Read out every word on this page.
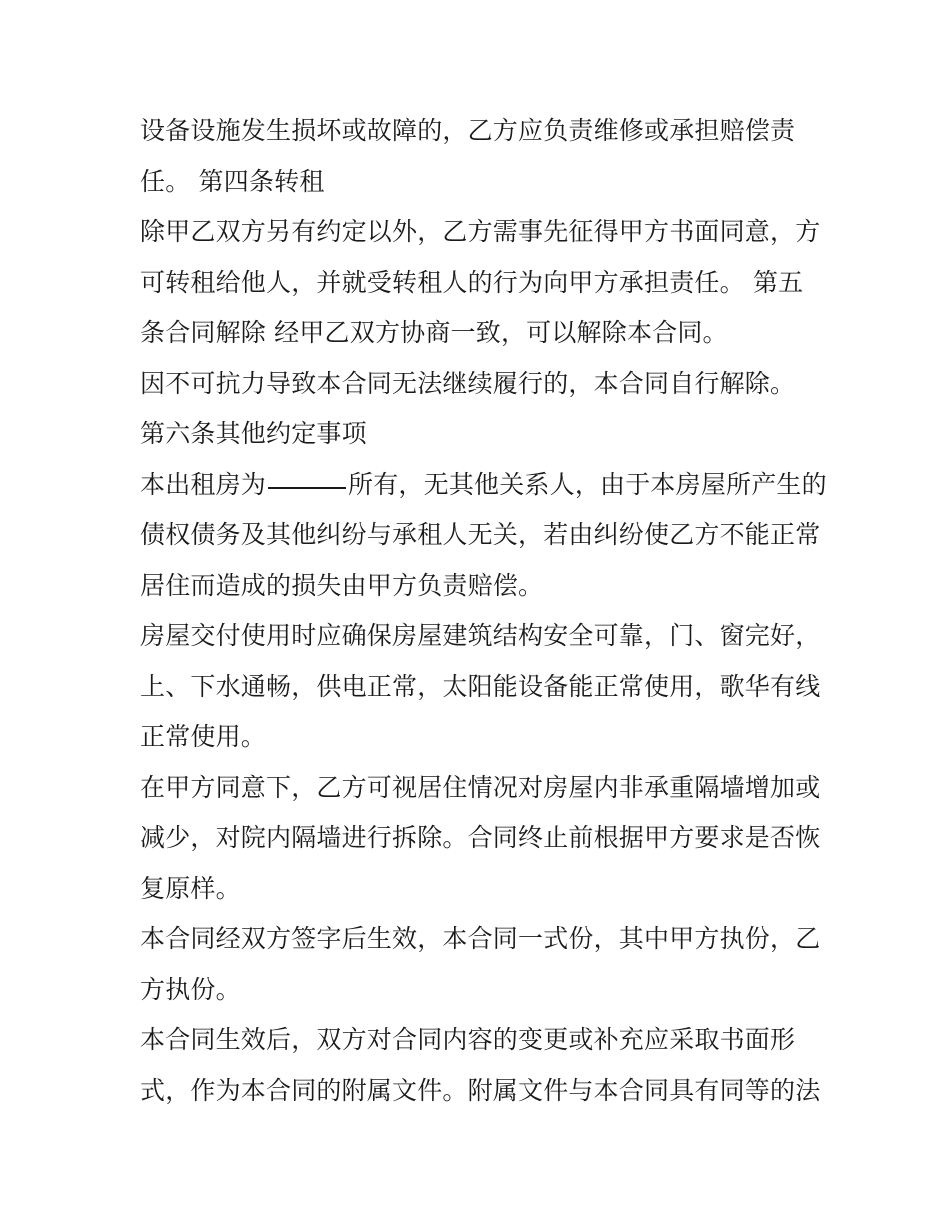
设备设施发生损坏或故障的，乙方应负责维修或承担赔偿责
任。 第四条转租
除甲乙双方另有约定以外，乙方需事先征得甲方书面同意，方
可转租给他人，并就受转租人的行为向甲方承担责任。 第五
条合同解除 经甲乙双方协商一致，可以解除本合同。
因不可抗力导致本合同无法继续履行的，本合同自行解除。
第六条其他约定事项
本出租房为	所有，无其他关系人，由于本房屋所产生的
债权债务及其他纠纷与承租人无关，若由纠纷使乙方不能正常
居住而造成的损失由甲方负责赔偿。
房屋交付使用时应确保房屋建筑结构安全可靠，门、窗完好，
上、下水通畅，供电正常，太阳能设备能正常使用，歌华有线
正常使用。
在甲方同意下，乙方可视居住情况对房屋内非承重隔墙增加或
减少，对院内隔墙进行拆除。合同终止前根据甲方要求是否恢
复原样。
本合同经双方签字后生效，本合同一式份，其中甲方执份，乙
方执份。
本合同生效后，双方对合同内容的变更或补充应采取书面形
式，作为本合同的附属文件。附属文件与本合同具有同等的法
